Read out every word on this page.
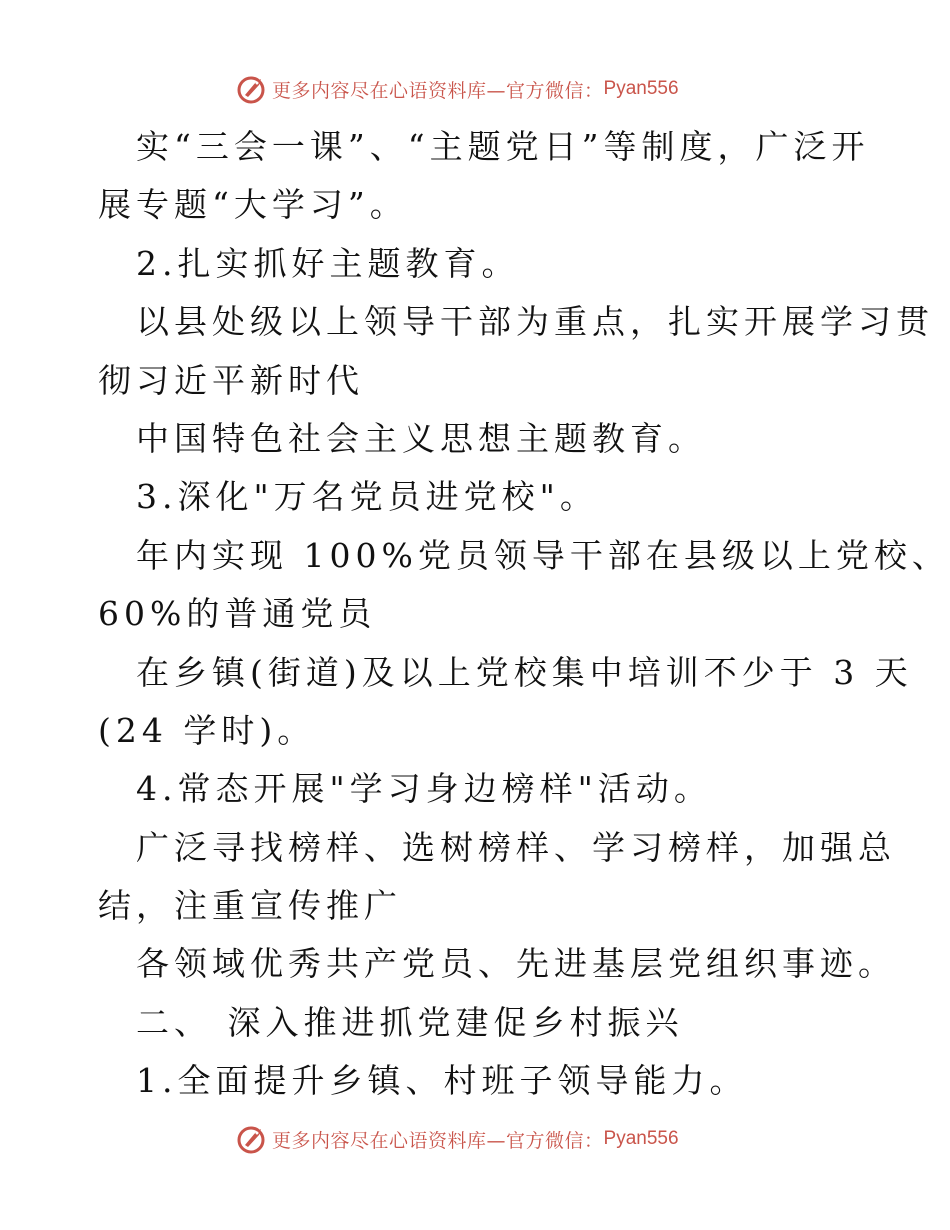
更多内容尽在心语资料库—官方微信： Pyan556
实“三会一课”、“主题党日”等制度，广泛开
展专题“大学习”。
2.扎实抓好主题教育。
以县处级以上领导干部为重点，扎实开展学习贯
彻习近平新时代
中国特色社会主义思想主题教育。
3.深化"万名党员进党校"。
年内实现 100%党员领导干部在县级以上党校、
60%的普通党员
在乡镇(街道)及以上党校集中培训不少于 3 天
(24 学时)。
4.常态开展"学习身边榜样"活动。
广泛寻找榜样、选树榜样、学习榜样，加强总
结，注重宣传推广
各领域优秀共产党员、先进基层党组织事迹。
二、 深入推进抓党建促乡村振兴
1.全面提升乡镇、村班子领导能力。
更多内容尽在心语资料库—官方微信： Pyan556
